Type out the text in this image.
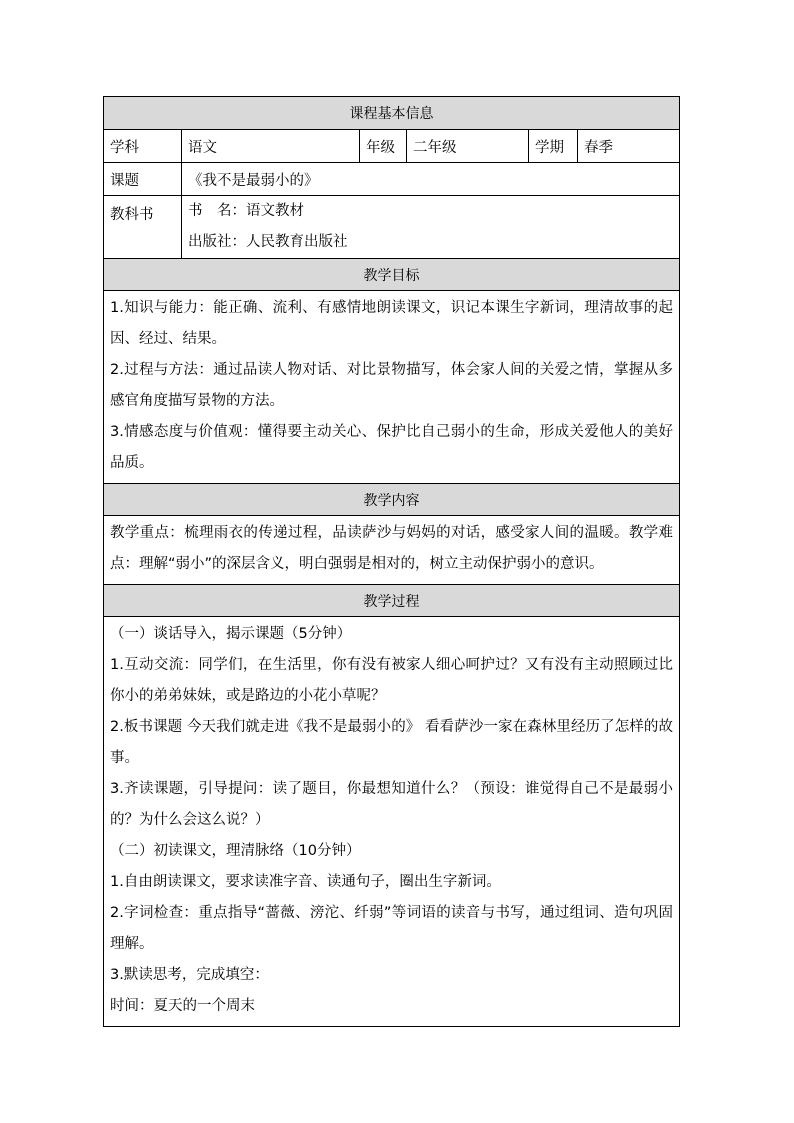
课程基本信息
学科	语文	年级	二年级	学期	春季
课题	《我不是最弱小的》
教科书	书　名：语文教材
出版社：人民教育出版社
教学目标

1.知识与能力：能正确、流利、有感情地朗读课文，识记本课生字新词，理清故事的起因、经过、结果。

2.过程与方法：通过品读人物对话、对比景物描写，体会家人间的关爱之情，掌握从多感官角度描写景物的方法。

3.情感态度与价值观：懂得要主动关心、保护比自己弱小的生命，形成关爱他人的美好品质。

教学内容

教学重点：梳理雨衣的传递过程，品读萨沙与妈妈的对话，感受家人间的温暖。教学难点：理解“弱小”的深层含义，明白强弱是相对的，树立主动保护弱小的意识。

教学过程

（一）谈话导入，揭示课题（5分钟）

1.互动交流：同学们，在生活里，你有没有被家人细心呵护过？又有没有主动照顾过比你小的弟弟妹妹，或是路边的小花小草呢？

2.板书课题 今天我们就走进《我不是最弱小的》 看看萨沙一家在森林里经历了怎样的故事。

3.齐读课题，引导提问：读了题目，你最想知道什么？（预设：谁觉得自己不是最弱小的？为什么会这么说？）

（二）初读课文，理清脉络（10分钟）

1.自由朗读课文，要求读准字音、读通句子，圈出生字新词。

2.字词检查：重点指导“蔷薇、滂沱、纤弱”等词语的读音与书写，通过组词、造句巩固理解。

3.默读思考，完成填空：

时间：夏天的一个周末
